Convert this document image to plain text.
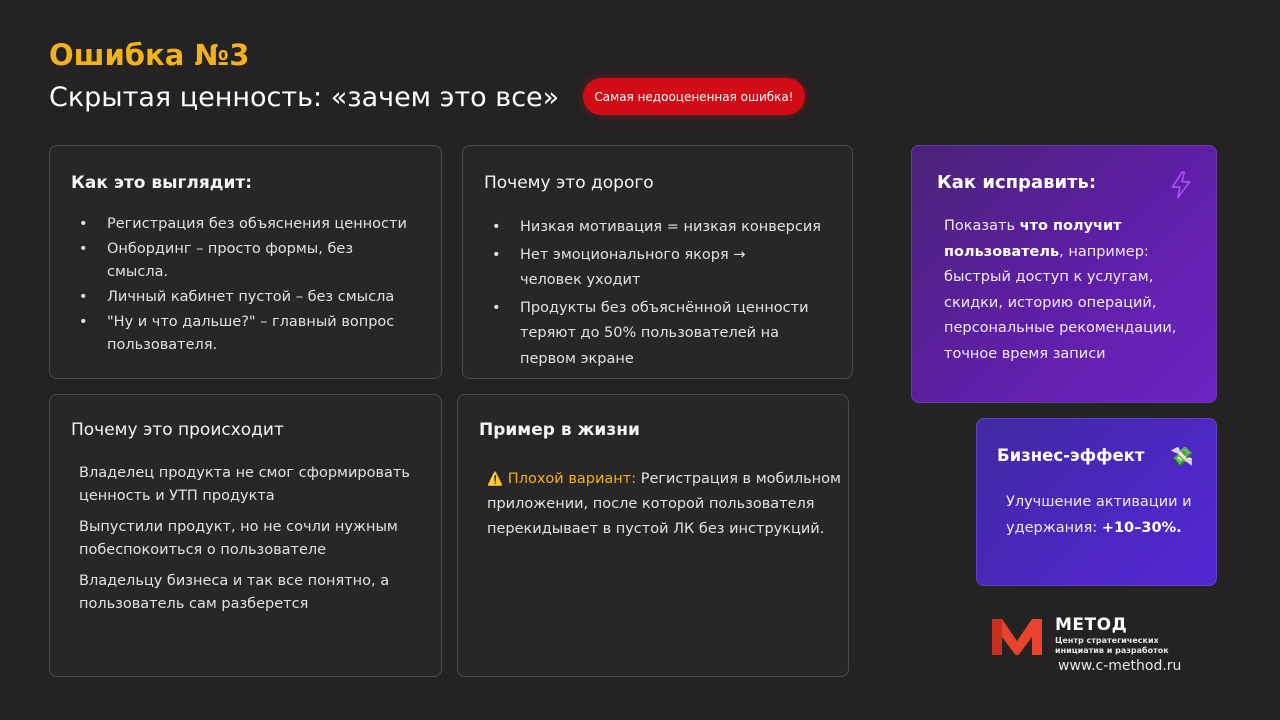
Ошибка №3
Скрытая ценность: «зачем это все»	Самая недооцененная ошибка!
Как это выглядит:
• Регистрация без объяснения ценности
• Онбординг – просто формы, без смысла.
• Личный кабинет пустой – без смысла
• "Ну и что дальше?" – главный вопрос пользователя.
Почему это дорого
• Низкая мотивация = низкая конверсия
• Нет эмоционального якоря → человек уходит
• Продукты без объяснённой ценности теряют до 50% пользователей на первом экране
Почему это происходит

Владелец продукта не смог сформировать ценность и УТП продукта

Выпустили продукт, но не сочли нужным побеспокоиться о пользователе

Владельцу бизнеса и так все понятно, а пользователь сам разберется

Пример в жизни
⚠️ Плохой вариант: Регистрация в мобильном приложении, после которой пользователя перекидывает в пустой ЛК без инструкций.
Как исправить:
Показать что получит пользователь, например: быстрый доступ к услугам, скидки, историю операций, персональные рекомендации, точное время записи
Бизнес-эффект 💸
Улучшение активации и удержания: +10–30%.
МЕТОД
Центр стратегических инициатив и разработок
www.c-method.ru
